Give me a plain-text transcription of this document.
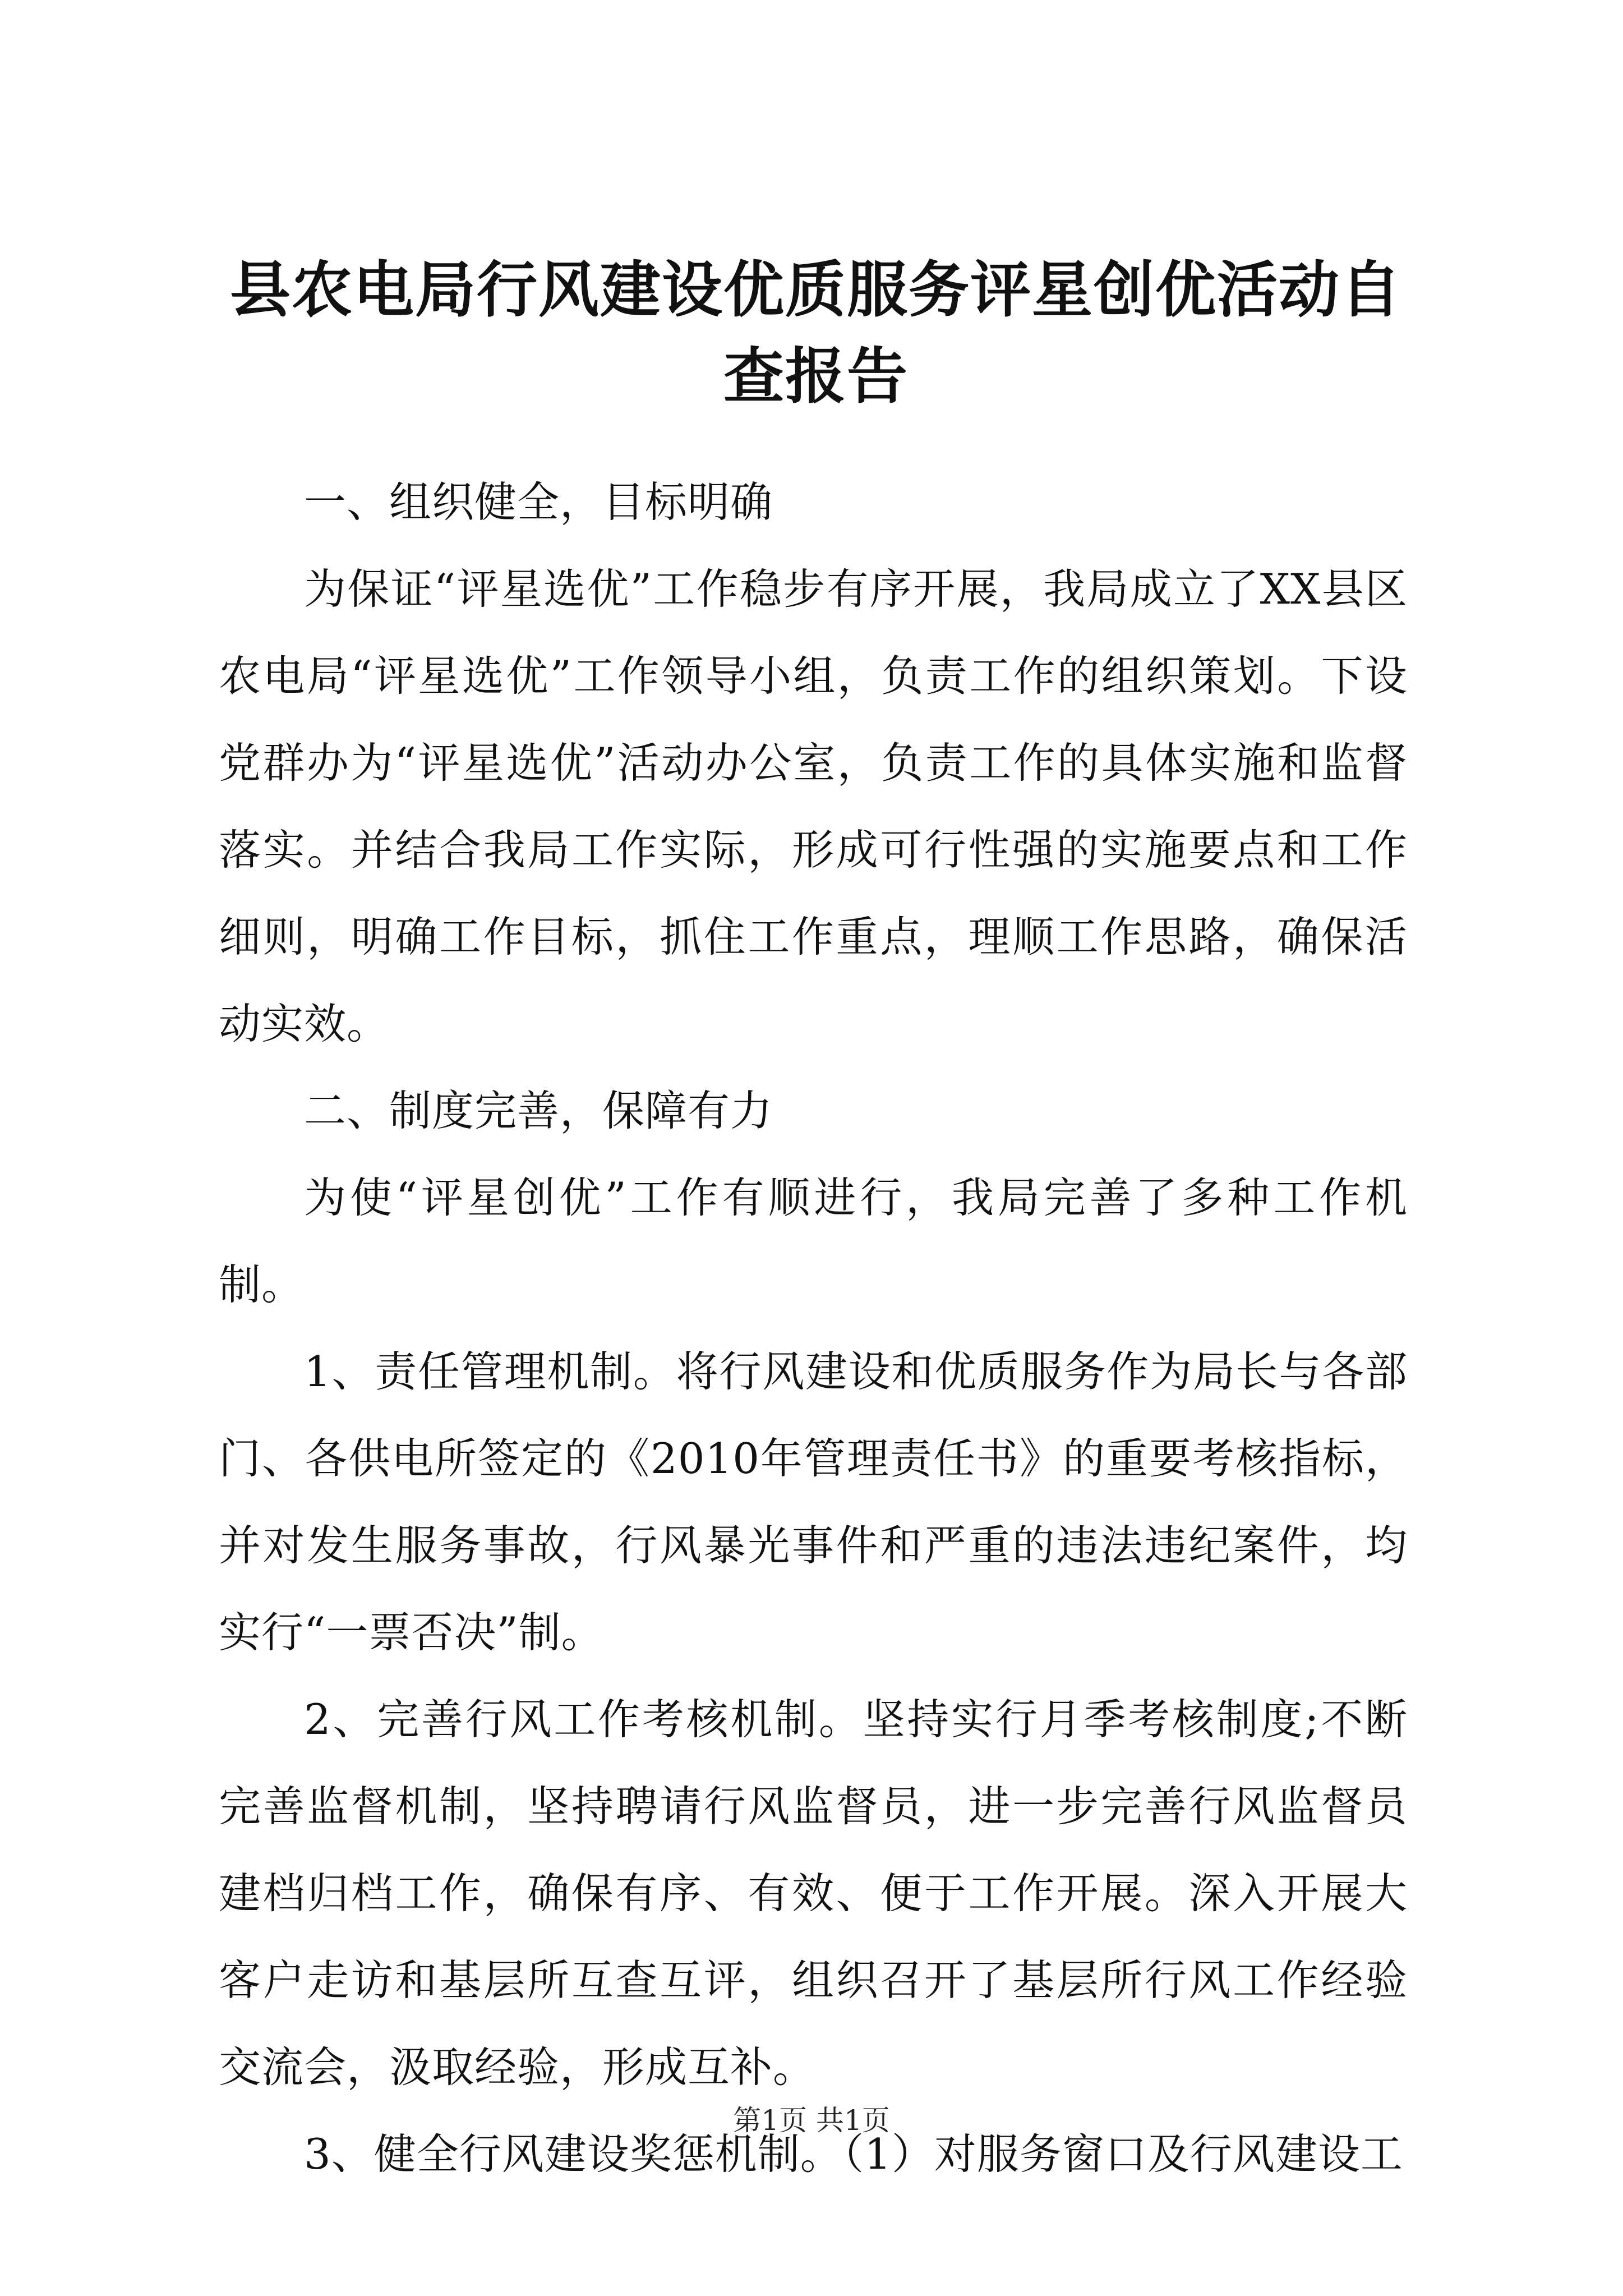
县农电局行风建设优质服务评星创优活动自查报告

一、组织健全，目标明确

为保证“评星选优”工作稳步有序开展，我局成立了XX县区农电局“评星选优”工作领导小组，负责工作的组织策划。下设党群办为“评星选优”活动办公室，负责工作的具体实施和监督落实。并结合我局工作实际，形成可行性强的实施要点和工作细则，明确工作目标，抓住工作重点，理顺工作思路，确保活动实效。

二、制度完善，保障有力

为使“评星创优”工作有顺进行，我局完善了多种工作机制。

1、责任管理机制。将行风建设和优质服务作为局长与各部门、各供电所签定的《2010年管理责任书》的重要考核指标，并对发生服务事故，行风暴光事件和严重的违法违纪案件，均实行“一票否决”制。

2、完善行风工作考核机制。坚持实行月季考核制度;不断完善监督机制，坚持聘请行风监督员，进一步完善行风监督员建档归档工作，确保有序、有效、便于工作开展。深入开展大客户走访和基层所互查互评，组织召开了基层所行风工作经验交流会，汲取经验，形成互补。

3、健全行风建设奖惩机制。（1）对服务窗口及行风建设工

第1页 共1页
